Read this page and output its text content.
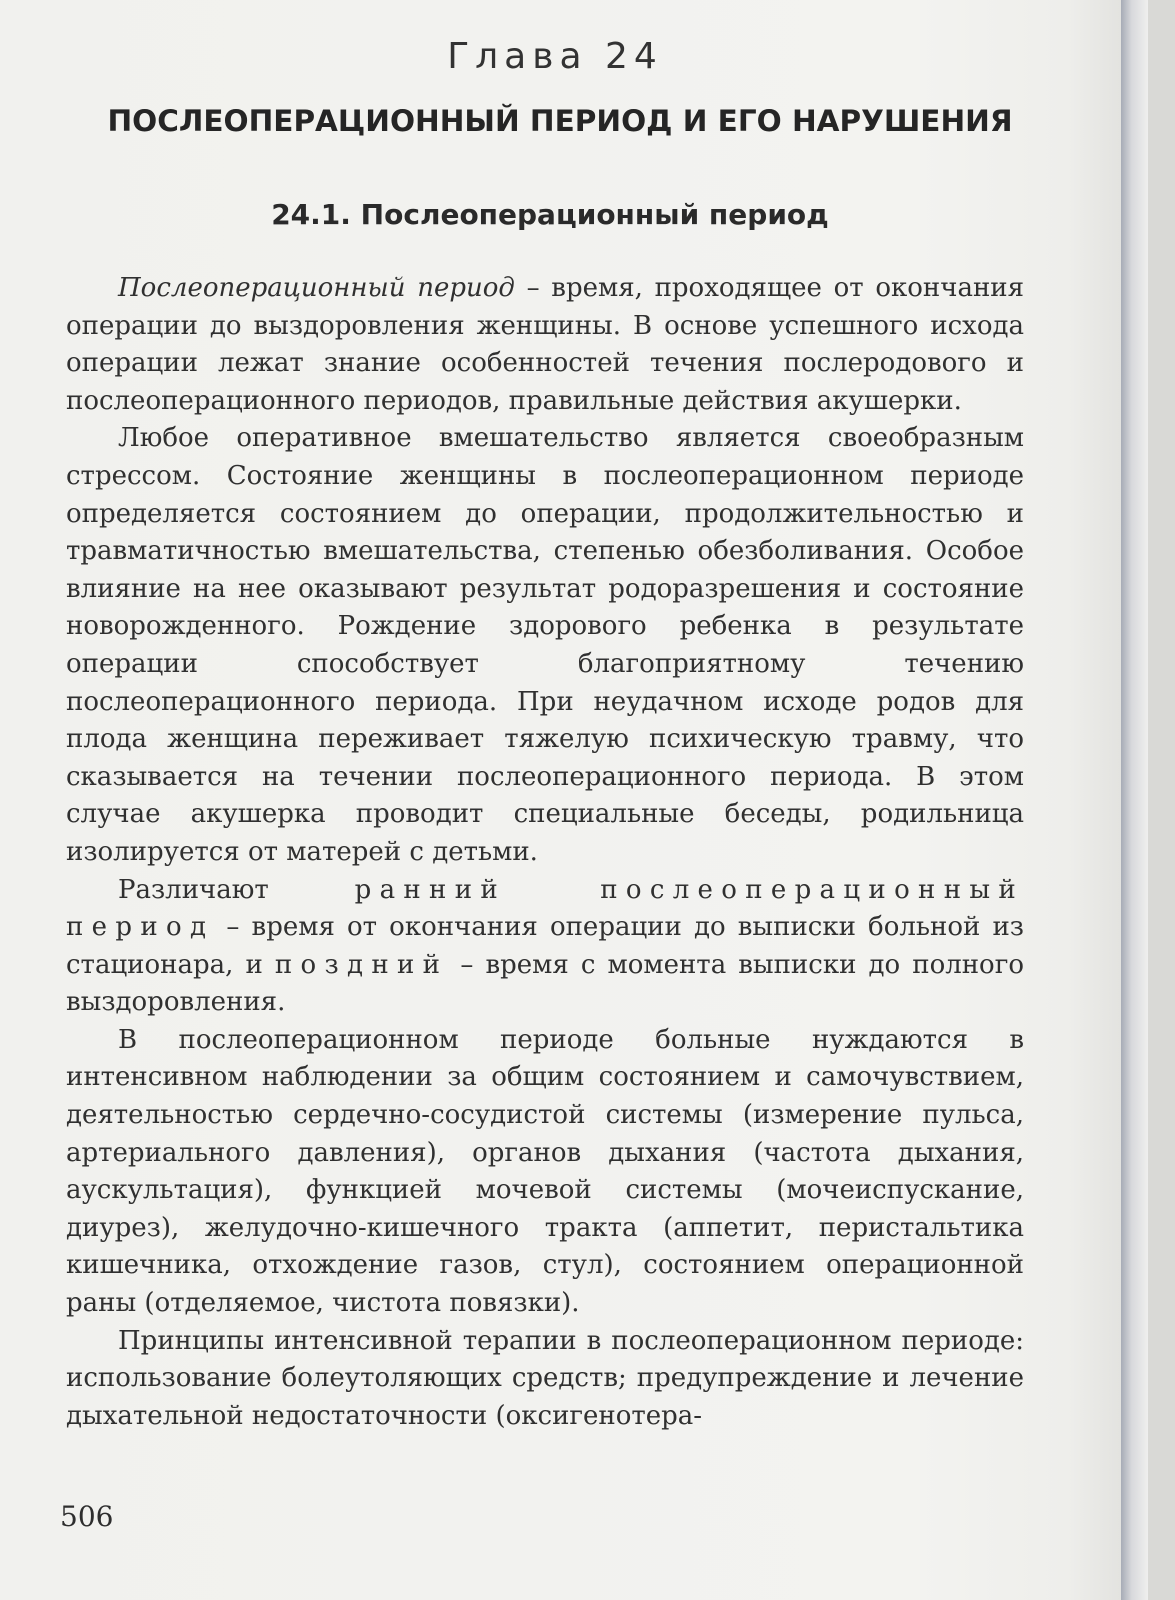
Глава 24
ПОСЛЕОПЕРАЦИОННЫЙ ПЕРИОД И ЕГО НАРУШЕНИЯ
24.1. Послеоперационный период

Послеоперационный период – время, проходящее от окончания операции до выздоровления женщины. В основе успешного исхода операции лежат знание особенностей течения послеродового и послеоперационного периодов, правильные действия акушерки.

Любое оперативное вмешательство является своеобразным стрессом. Состояние женщины в послеоперационном периоде определяется состоянием до операции, продолжительностью и травматичностью вмешательства, степенью обезболивания. Особое влияние на нее оказывают результат родоразрешения и состояние новорожденного. Рождение здорового ребенка в результате операции способствует благоприятному течению послеоперационного периода. При неудачном исходе родов для плода женщина переживает тяжелую психическую травму, что сказывается на течении послеоперационного периода. В этом случае акушерка проводит специальные беседы, родильница изолируется от матерей с детьми.

Различают ранний послеоперационный период – время от окончания операции до выписки больной из стационара, и поздний – время с момента выписки до полного выздоровления.

В послеоперационном периоде больные нуждаются в интенсивном наблюдении за общим состоянием и самочувствием, деятельностью сердечно-сосудистой системы (измерение пульса, артериального давления), органов дыхания (частота дыхания, аускультация), функцией мочевой системы (мочеиспускание, диурез), желудочно-кишечного тракта (аппетит, перистальтика кишечника, отхождение газов, стул), состоянием операционной раны (отделяемое, чистота повязки).

Принципы интенсивной терапии в послеоперационном периоде: использование болеутоляющих средств; предупреждение и лечение дыхательной недостаточности (оксигенотера-

506
